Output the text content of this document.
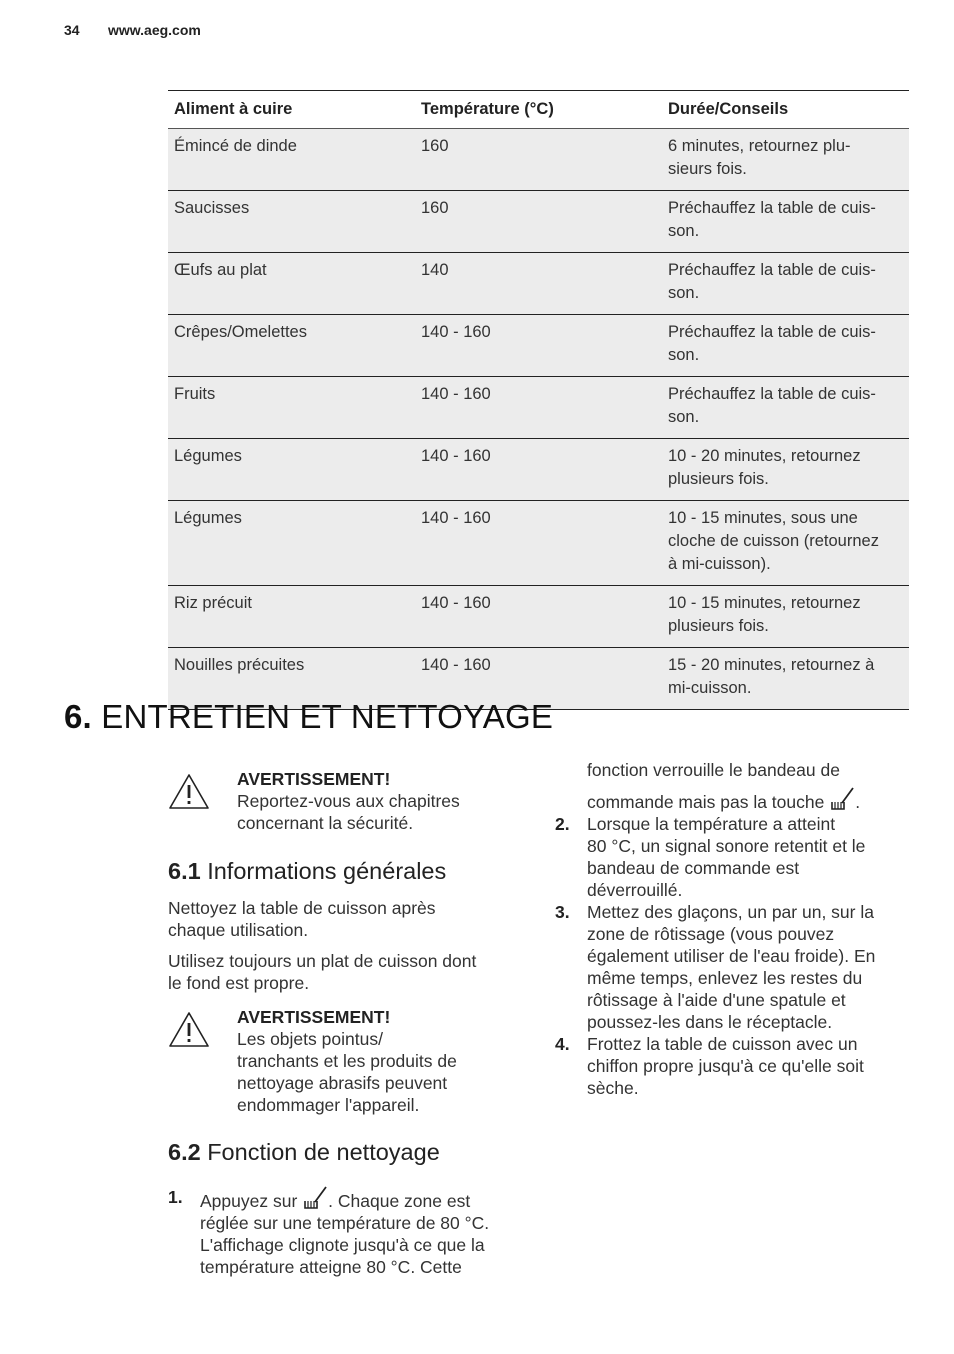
34 www.aeg.com
Aliment à cuire	Température (°C)	Durée/Conseils
Émincé de dinde	160	6 minutes, retournez plu-
sieurs fois.
Saucisses	160	Préchauffez la table de cuis-
son.
Œufs au plat	140	Préchauffez la table de cuis-
son.
Crêpes/Omelettes	140 - 160	Préchauffez la table de cuis-
son.
Fruits	140 - 160	Préchauffez la table de cuis-
son.
Légumes	140 - 160	10 - 20 minutes, retournez
plusieurs fois.
Légumes	140 - 160	10 - 15 minutes, sous une
cloche de cuisson (retournez
à mi-cuisson).
Riz précuit	140 - 160	10 - 15 minutes, retournez
plusieurs fois.
Nouilles précuites	140 - 160	15 - 20 minutes, retournez à
mi-cuisson.
6. ENTRETIEN ET NETTOYAGE
AVERTISSEMENT!
Reportez-vous aux chapitres
concernant la sécurité.
6.1 Informations générales

Nettoyez la table de cuisson après
chaque utilisation.

Utilisez toujours un plat de cuisson dont
le fond est propre.

AVERTISSEMENT!
Les objets pointus/
tranchants et les produits de
nettoyage abrasifs peuvent
endommager l'appareil.
6.2 Fonction de nettoyage
1. Appuyez sur . Chaque zone est
réglée sur une température de 80 °C.
L'affichage clignote jusqu'à ce que la
température atteigne 80 °C. Cette
fonction verrouille le bandeau de
commande mais pas la touche .
2. Lorsque la température a atteint
80 °C, un signal sonore retentit et le
bandeau de commande est
déverrouillé.
3. Mettez des glaçons, un par un, sur la
zone de rôtissage (vous pouvez
également utiliser de l'eau froide). En
même temps, enlevez les restes du
rôtissage à l'aide d'une spatule et
poussez-les dans le réceptacle.
4. Frottez la table de cuisson avec un
chiffon propre jusqu'à ce qu'elle soit
sèche.
